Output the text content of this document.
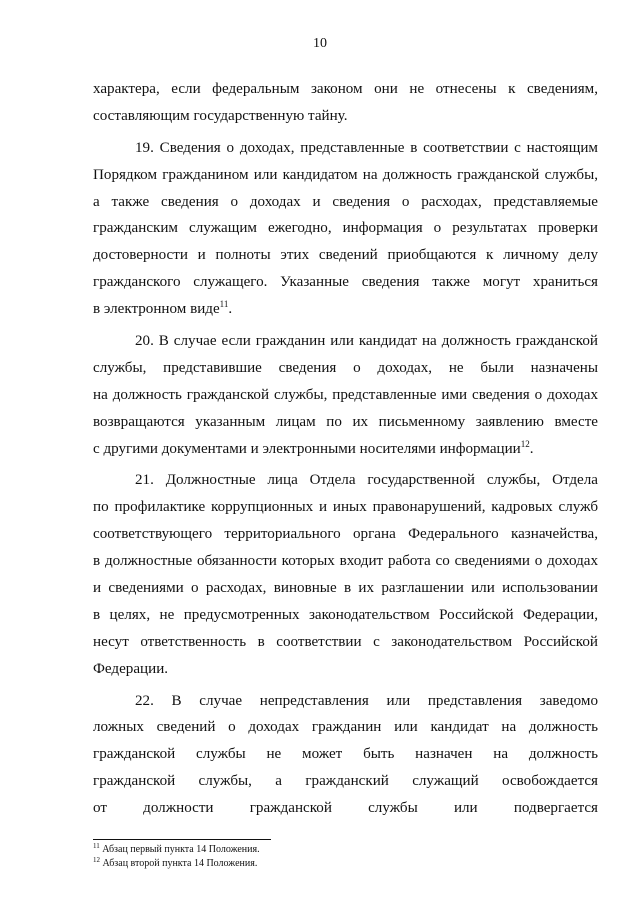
10
характера, если федеральным законом они не отнесены к сведениям,
составляющим государственную тайну.
19. Сведения о доходах, представленные в соответствии с настоящим
Порядком гражданином или кандидатом на должность гражданской службы,
а также сведения о доходах и сведения о расходах, представляемые
гражданским служащим ежегодно, информация о результатах проверки
достоверности и полноты этих сведений приобщаются к личному делу
гражданского служащего. Указанные сведения также могут храниться
в электронном виде$^{11}$.
20. В случае если гражданин или кандидат на должность гражданской
службы, представившие сведения о доходах, не были назначены
на должность гражданской службы, представленные ими сведения о доходах
возвращаются указанным лицам по их письменному заявлению вместе
с другими документами и электронными носителями информации$^{12}$.
21. Должностные лица Отдела государственной службы, Отдела
по профилактике коррупционных и иных правонарушений, кадровых служб
соответствующего территориального органа Федерального казначейства,
в должностные обязанности которых входит работа со сведениями о доходах
и сведениями о расходах, виновные в их разглашении или использовании
в целях, не предусмотренных законодательством Российской Федерации,
несут ответственность в соответствии с законодательством Российской
Федерации.
22. В случае непредставления или представления заведомо
ложных сведений о доходах гражданин или кандидат на должность
гражданской службы не может быть назначен на должность
гражданской службы, а гражданский служащий освобождается
от должности гражданской службы или подвергается
$^{11}$ Абзац первый пункта 14 Положения.
$^{12}$ Абзац второй пункта 14 Положения.
